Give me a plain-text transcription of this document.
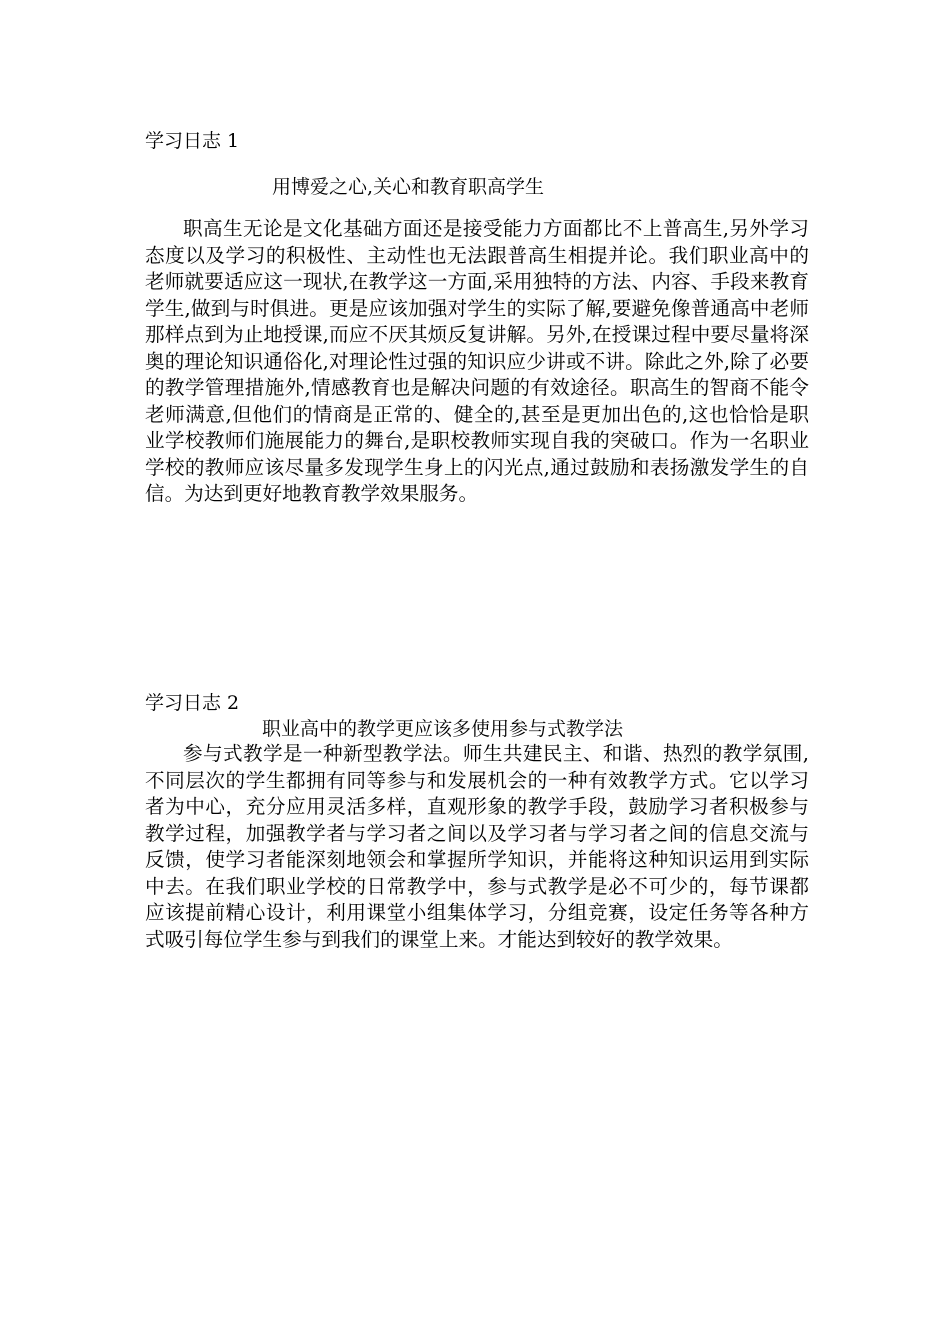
学习日志 1
用博爱之心,关心和教育职高学生

职高生无论是文化基础方面还是接受能力方面都比不上普高生,另外学习态度以及学习的积极性、主动性也无法跟普高生相提并论。我们职业高中的老师就要适应这一现状,在教学这一方面,采用独特的方法、内容、手段来教育学生,做到与时俱进。更是应该加强对学生的实际了解,要避免像普通高中老师那样点到为止地授课,而应不厌其烦反复讲解。另外,在授课过程中要尽量将深奥的理论知识通俗化,对理论性过强的知识应少讲或不讲。除此之外,除了必要的教学管理措施外,情感教育也是解决问题的有效途径。职高生的智商不能令老师满意,但他们的情商是正常的、健全的,甚至是更加出色的,这也恰恰是职业学校教师们施展能力的舞台,是职校教师实现自我的突破口。作为一名职业学校的教师应该尽量多发现学生身上的闪光点,通过鼓励和表扬激发学生的自信。为达到更好地教育教学效果服务。

学习日志 2
职业高中的教学更应该多使用参与式教学法

参与式教学是一种新型教学法。师生共建民主、和谐、热烈的教学氛围,不同层次的学生都拥有同等参与和发展机会的一种有效教学方式。它以学习者为中心，充分应用灵活多样，直观形象的教学手段，鼓励学习者积极参与教学过程，加强教学者与学习者之间以及学习者与学习者之间的信息交流与反馈，使学习者能深刻地领会和掌握所学知识，并能将这种知识运用到实际中去。在我们职业学校的日常教学中，参与式教学是必不可少的，每节课都应该提前精心设计，利用课堂小组集体学习，分组竞赛，设定任务等各种方式吸引每位学生参与到我们的课堂上来。才能达到较好的教学效果。
